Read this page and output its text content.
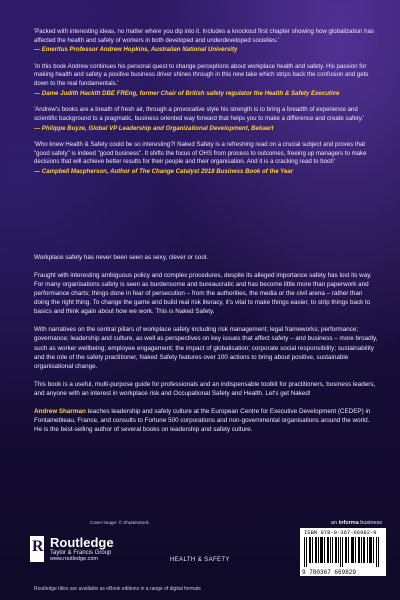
'Packed with interesting ideas, no matter where you dip into it. Includes a knockout first chapter showing how globalization has affected the health and safety of workers in both developed and underdeveloped societies.'

— Emeritus Professor Andrew Hopkins, Australian National University

'In this book Andrew continues his personal quest to change perceptions about workplace health and safety. His passion for making health and safety a positive business driver shines through in this new take which strips back the confusion and gets down to the real fundamentals.'

— Dame Judith Hackitt DBE FREng, former Chair of British safety regulator the Health & Safety Executive

'Andrew's books are a breath of fresh air, through a provocative style his strength is to bring a breadth of experience and scientific background to a pragmatic, business oriented way forward that helps you to make a difference and create safety.'

— Philippe Buyze, Global VP Leadership and Organizational Development, Bekaert

'Who knew Health & Safety could be so interesting?! Naked Safety is a refreshing read on a crucial subject and proves that "good safety" is indeed "good business". It shifts the focus of OHS from process to outcomes, freeing up managers to make decisions that will achieve better results for their people and their organisation. And it is a cracking read to boot!'

— Campbell Macpherson, Author of The Change Catalyst 2018 Business Book of the Year

Workplace safety has never been seen as sexy, clever or cool.

Fraught with interesting ambiguous policy and complex procedures, despite its alleged importance safety has lost its way. For many organisations safety is seen as burdensome and bureaucratic and has become little more than paperwork and performance charts; things done in fear of persecution – from the authorities, the media or the civil arena – rather than doing the right thing. To change the game and build real risk literacy, it's vital to make things easier, to strip things back to basics and think again about how we work. This is Naked Safety.

With narratives on the central pillars of workplace safety including risk management; legal frameworks; performance; governance; leadership and culture, as well as perspectives on key issues that affect safety – and business – more broadly, such as worker wellbeing; employee engagement; the impact of globalisation; corporate social responsibility; sustainability and the role of the safety practitioner, Naked Safety features over 100 actions to bring about positive, sustainable organisational change.

This book is a useful, multi-purpose guide for professionals and an indispensable toolkit for practitioners, business leaders, and anyone with an interest in workplace risk and Occupational Safety and Health. Let's get Naked!

Andrew Sharman teaches leadership and safety culture at the European Centre for Executive Development (CEDEP) in Fontainebleau, France, and consults to Fortune 500 corporations and non-governmental organisations around the world. He is the best-selling author of several books on leadership and safety culture.

Cover image: © Shutterstock	an informa business
R
Routledge
Taylor & Francis Group
www.routledge.com	HEALTH & SAFETY
ISBN 978-0-367-66982-9
9 780367 669829
Routledge titles are available as eBook editions in a range of digital formats
